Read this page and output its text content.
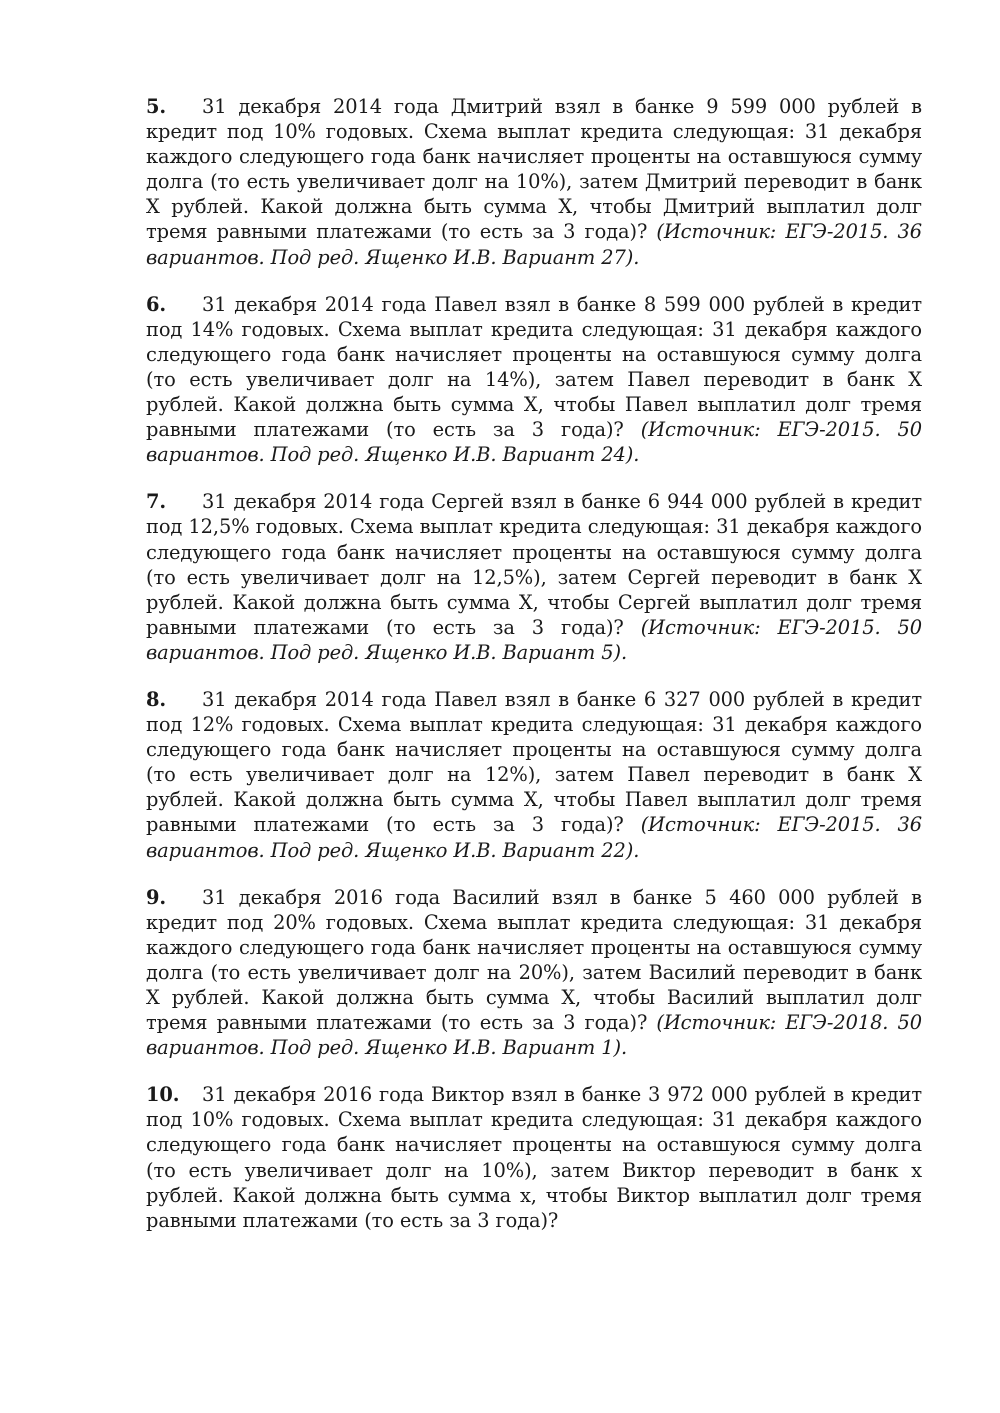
5. 31 декабря 2014 года Дмитрий взял в банке 9 599 000 рублей в кредит под 10% годовых. Схема выплат кредита следующая: 31 декабря каждого следующего года банк начисляет проценты на оставшуюся сумму долга (то есть увеличивает долг на 10%), затем Дмитрий переводит в банк Х рублей. Какой должна быть сумма Х, чтобы Дмитрий выплатил долг тремя равными платежами (то есть за 3 года)? (Источник: ЕГЭ-2015. 36 вариантов. Под ред. Ященко И.В. Вариант 27).

6. 31 декабря 2014 года Павел взял в банке 8 599 000 рублей в кредит под 14% годовых. Схема выплат кредита следующая: 31 декабря каждого следующего года банк начисляет проценты на оставшуюся сумму долга (то есть увеличивает долг на 14%), затем Павел переводит в банк Х рублей. Какой должна быть сумма Х, чтобы Павел выплатил долг тремя равными платежами (то есть за 3 года)? (Источник: ЕГЭ-2015. 50 вариантов. Под ред. Ященко И.В. Вариант 24).

7. 31 декабря 2014 года Сергей взял в банке 6 944 000 рублей в кредит под 12,5% годовых. Схема выплат кредита следующая: 31 декабря каждого следующего года банк начисляет проценты на оставшуюся сумму долга (то есть увеличивает долг на 12,5%), затем Сергей переводит в банк Х рублей. Какой должна быть сумма Х, чтобы Сергей выплатил долг тремя равными платежами (то есть за 3 года)? (Источник: ЕГЭ-2015. 50 вариантов. Под ред. Ященко И.В. Вариант 5).

8. 31 декабря 2014 года Павел взял в банке 6 327 000 рублей в кредит под 12% годовых. Схема выплат кредита следующая: 31 декабря каждого следующего года банк начисляет проценты на оставшуюся сумму долга (то есть увеличивает долг на 12%), затем Павел переводит в банк Х рублей. Какой должна быть сумма Х, чтобы Павел выплатил долг тремя равными платежами (то есть за 3 года)? (Источник: ЕГЭ-2015. 36 вариантов. Под ред. Ященко И.В. Вариант 22).

9. 31 декабря 2016 года Василий взял в банке 5 460 000 рублей в кредит под 20% годовых. Схема выплат кредита следующая: 31 декабря каждого следующего года банк начисляет проценты на оставшуюся сумму долга (то есть увеличивает долг на 20%), затем Василий переводит в банк Х рублей. Какой должна быть сумма Х, чтобы Василий выплатил долг тремя равными платежами (то есть за 3 года)? (Источник: ЕГЭ-2018. 50 вариантов. Под ред. Ященко И.В. Вариант 1).

10. 31 декабря 2016 года Виктор взял в банке 3 972 000 рублей в кредит под 10% годовых. Схема выплат кредита следующая: 31 декабря каждого следующего года банк начисляет проценты на оставшуюся сумму долга (то есть увеличивает долг на 10%), затем Виктор переводит в банк х рублей. Какой должна быть сумма х, чтобы Виктор выплатил долг тремя равными платежами (то есть за 3 года)?
